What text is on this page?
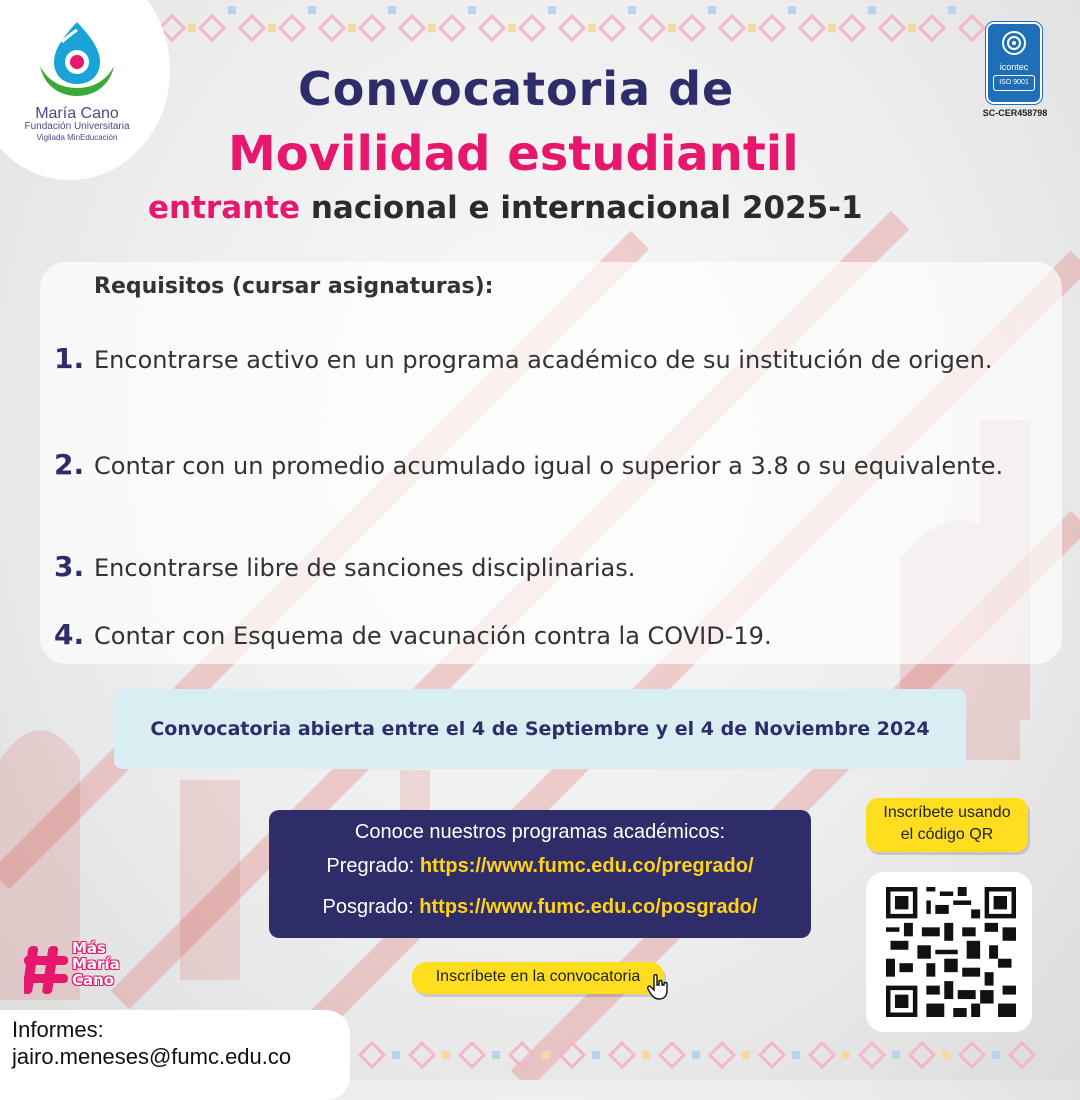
María Cano
Fundación Universitaria
Vigilada MinEducación
icontec
ISO 9001
SC-CER458798
Convocatoria de
Movilidad estudiantil
entrante nacional e internacional 2025-1
Requisitos (cursar asignaturas):
1. Encontrarse activo en un programa académico de su institución de origen.
2. Contar con un promedio acumulado igual o superior a 3.8 o su equivalente.
3. Encontrarse libre de sanciones disciplinarias.
4. Contar con Esquema de vacunación contra la COVID-19.
Convocatoria abierta entre el 4 de Septiembre y el 4 de Noviembre 2024
Conoce nuestros programas académicos:
Pregrado: https://www.fumc.edu.co/pregrado/
Posgrado: https://www.fumc.edu.co/posgrado/
Inscríbete usando
el código QR
Inscríbete en la convocatoria
Más
María
Cano
Informes:
jairo.meneses@fumc.edu.co
